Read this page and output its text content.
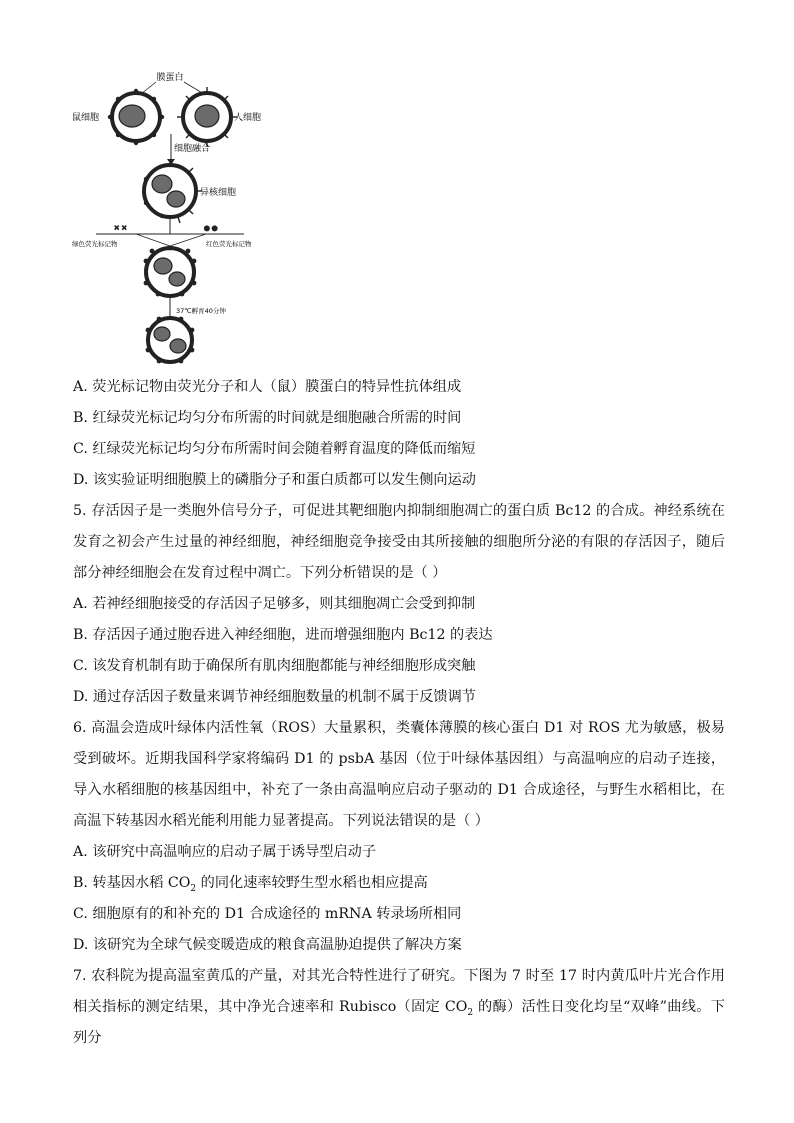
膜蛋白
鼠细胞	人细胞
细胞融合
异核细胞
✕ ✕	● ●
绿色荧光标记物	红色荧光标记物
37℃孵育40分钟

A. 荧光标记物由荧光分子和人（鼠）膜蛋白的特异性抗体组成

B. 红绿荧光标记均匀分布所需的时间就是细胞融合所需的时间

C. 红绿荧光标记均匀分布所需时间会随着孵育温度的降低而缩短

D. 该实验证明细胞膜上的磷脂分子和蛋白质都可以发生侧向运动

5. 存活因子是一类胞外信号分子，可促进其靶细胞内抑制细胞凋亡的蛋白质 Bc12 的合成。神经系统在发育之初会产生过量的神经细胞，神经细胞竞争接受由其所接触的细胞所分泌的有限的存活因子，随后部分神经细胞会在发育过程中凋亡。下列分析错误的是（ ）

A. 若神经细胞接受的存活因子足够多，则其细胞凋亡会受到抑制

B. 存活因子通过胞吞进入神经细胞，进而增强细胞内 Bc12 的表达

C. 该发育机制有助于确保所有肌肉细胞都能与神经细胞形成突触

D. 通过存活因子数量来调节神经细胞数量的机制不属于反馈调节

6. 高温会造成叶绿体内活性氧（ROS）大量累积，类囊体薄膜的核心蛋白 D1 对 ROS 尤为敏感，极易受到破坏。近期我国科学家将编码 D1 的 psbA 基因（位于叶绿体基因组）与高温响应的启动子连接，导入水稻细胞的核基因组中，补充了一条由高温响应启动子驱动的 D1 合成途径，与野生水稻相比，在高温下转基因水稻光能利用能力显著提高。下列说法错误的是（ ）

A. 该研究中高温响应的启动子属于诱导型启动子

B. 转基因水稻 $CO_2$ 的同化速率较野生型水稻也相应提高

C. 细胞原有的和补充的 D1 合成途径的 mRNA 转录场所相同

D. 该研究为全球气候变暖造成的粮食高温胁迫提供了解决方案

7. 农科院为提高温室黄瓜的产量，对其光合特性进行了研究。下图为 7 时至 17 时内黄瓜叶片光合作用相关指标的测定结果，其中净光合速率和 Rubisco（固定 $CO_2$ 的酶）活性日变化均呈“双峰”曲线。下列分
